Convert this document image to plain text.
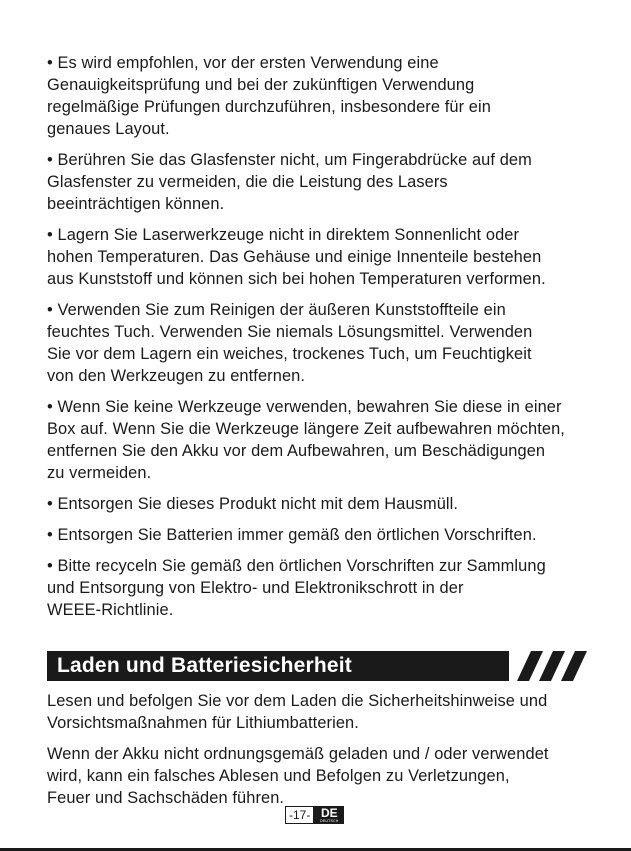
• Es wird empfohlen, vor der ersten Verwendung eine
Genauigkeitsprüfung und bei der zukünftigen Verwendung
regelmäßige Prüfungen durchzuführen, insbesondere für ein
genaues Layout.

• Berühren Sie das Glasfenster nicht, um Fingerabdrücke auf dem
Glasfenster zu vermeiden, die die Leistung des Lasers
beeinträchtigen können.

• Lagern Sie Laserwerkzeuge nicht in direktem Sonnenlicht oder
hohen Temperaturen. Das Gehäuse und einige Innenteile bestehen
aus Kunststoff und können sich bei hohen Temperaturen verformen.

• Verwenden Sie zum Reinigen der äußeren Kunststoffteile ein
feuchtes Tuch. Verwenden Sie niemals Lösungsmittel. Verwenden
Sie vor dem Lagern ein weiches, trockenes Tuch, um Feuchtigkeit
von den Werkzeugen zu entfernen.

• Wenn Sie keine Werkzeuge verwenden, bewahren Sie diese in einer
Box auf. Wenn Sie die Werkzeuge längere Zeit aufbewahren möchten,
entfernen Sie den Akku vor dem Aufbewahren, um Beschädigungen
zu vermeiden.

• Entsorgen Sie dieses Produkt nicht mit dem Hausmüll.

• Entsorgen Sie Batterien immer gemäß den örtlichen Vorschriften.

• Bitte recyceln Sie gemäß den örtlichen Vorschriften zur Sammlung
und Entsorgung von Elektro- und Elektronikschrott in der
WEEE-Richtlinie.

Laden und Batteriesicherheit

Lesen und befolgen Sie vor dem Laden die Sicherheitshinweise und
Vorsichtsmaßnahmen für Lithiumbatterien.

Wenn der Akku nicht ordnungsgemäß geladen und / oder verwendet
wird, kann ein falsches Ablesen und Befolgen zu Verletzungen,
Feuer und Sachschäden führen.

-17- DE
DEUTSCH
